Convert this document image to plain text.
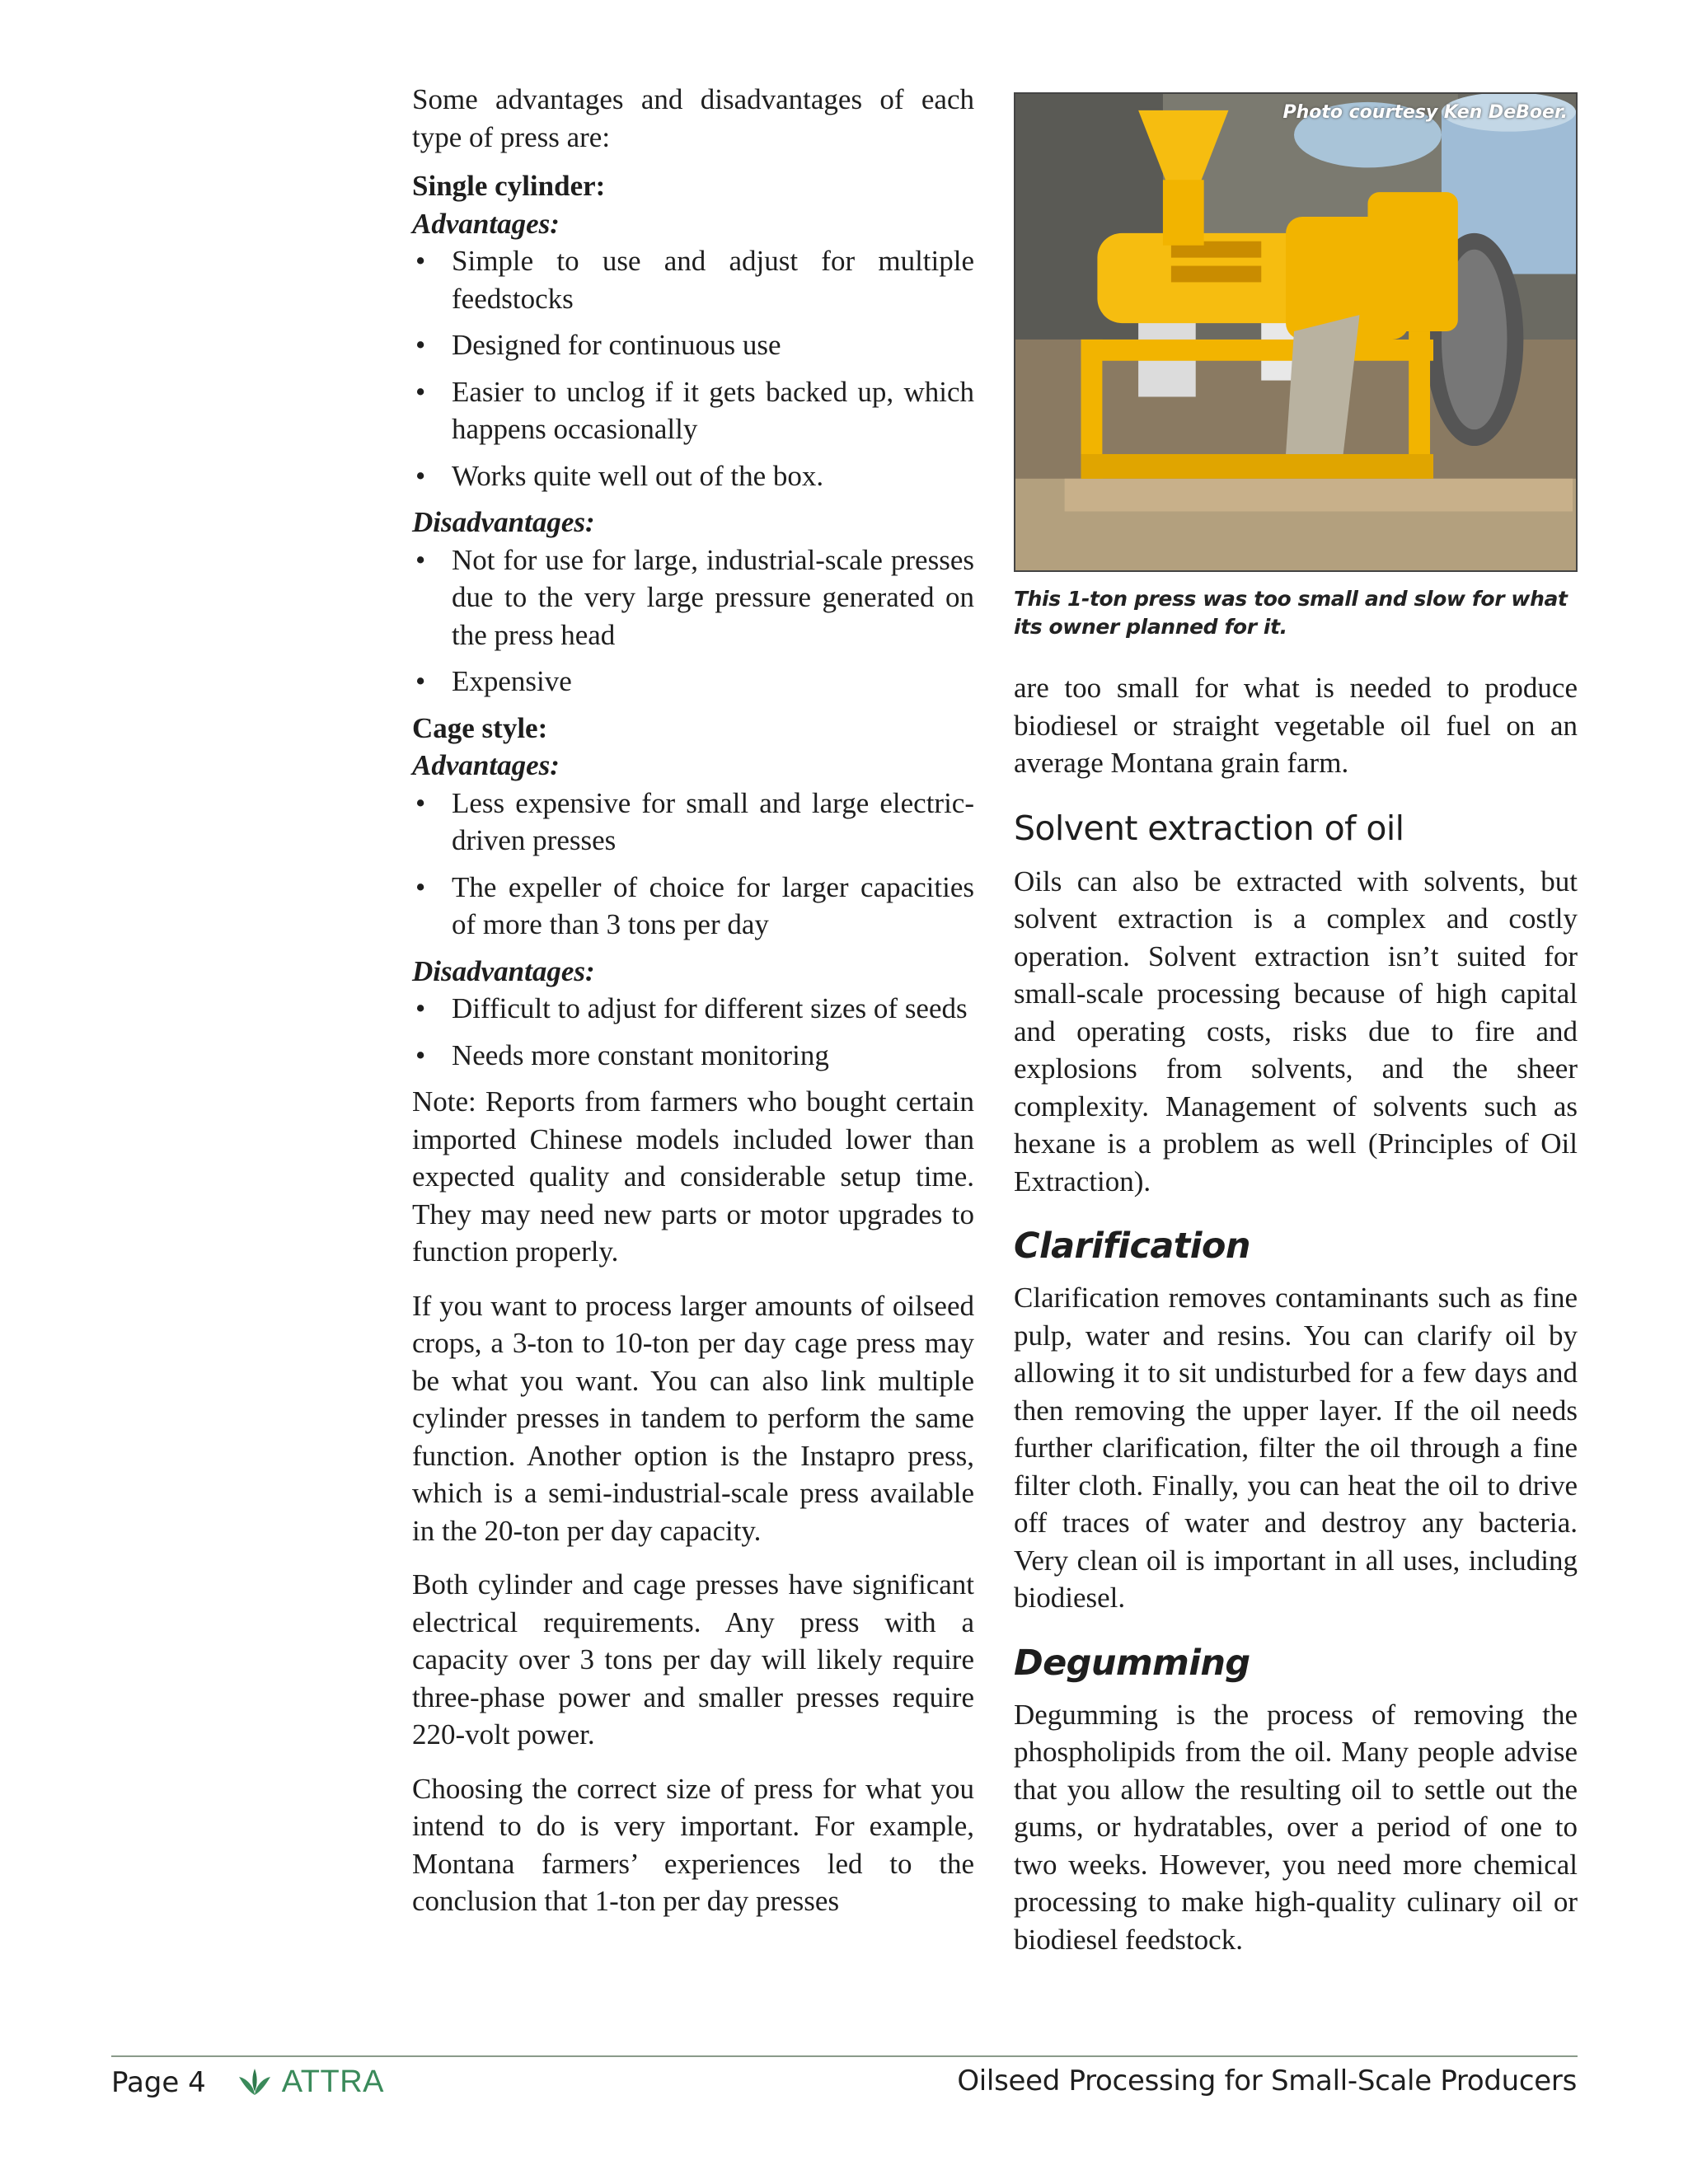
Some advantages and disadvantages of each type of press are:

Single cylinder:

Advantages:

• Simple to use and adjust for multiple feedstocks
• Designed for continuous use
• Easier to unclog if it gets backed up, which happens occasionally
• Works quite well out of the box.

Disadvantages:

• Not for use for large, industrial-scale presses due to the very large pressure generated on the press head
• Expensive

Cage style:

Advantages:

• Less expensive for small and large electric-driven presses
• The expeller of choice for larger capacities of more than 3 tons per day

Disadvantages:

• Difficult to adjust for different sizes of seeds
• Needs more constant monitoring

Note: Reports from farmers who bought certain imported Chinese models included lower than expected quality and considerable setup time. They may need new parts or motor upgrades to function properly.

If you want to process larger amounts of oilseed crops, a 3-ton to 10-ton per day cage press may be what you want. You can also link multiple cylinder presses in tandem to perform the same function. Another option is the Instapro press, which is a semi-industrial-scale press available in the 20-ton per day capacity.

Both cylinder and cage presses have significant electrical requirements. Any press with a capacity over 3 tons per day will likely require three-phase power and smaller presses require 220-volt power.

Choosing the correct size of press for what you intend to do is very important. For example, Montana farmers’ experiences led to the conclusion that 1-ton per day presses

Photo courtesy Ken DeBoer.

This 1-ton press was too small and slow for what its owner planned for it.

are too small for what is needed to produce biodiesel or straight vegetable oil fuel on an average Montana grain farm.

Solvent extraction of oil

Oils can also be extracted with solvents, but solvent extraction is a complex and costly operation. Solvent extraction isn’t suited for small-scale processing because of high capital and operating costs, risks due to fire and explosions from solvents, and the sheer complexity. Management of solvents such as hexane is a problem as well (Principles of Oil Extraction).

Clarification

Clarification removes contaminants such as fine pulp, water and resins. You can clarify oil by allowing it to sit undisturbed for a few days and then removing the upper layer. If the oil needs further clarification, filter the oil through a fine filter cloth. Finally, you can heat the oil to drive off traces of water and destroy any bacteria. Very clean oil is important in all uses, including biodiesel.

Degumming

Degumming is the process of removing the phospholipids from the oil. Many people advise that you allow the resulting oil to settle out the gums, or hydratables, over a period of one to two weeks. However, you need more chemical processing to make high-quality culinary oil or biodiesel feedstock.

Page 4 ATTRA	Oilseed Processing for Small-Scale Producers
